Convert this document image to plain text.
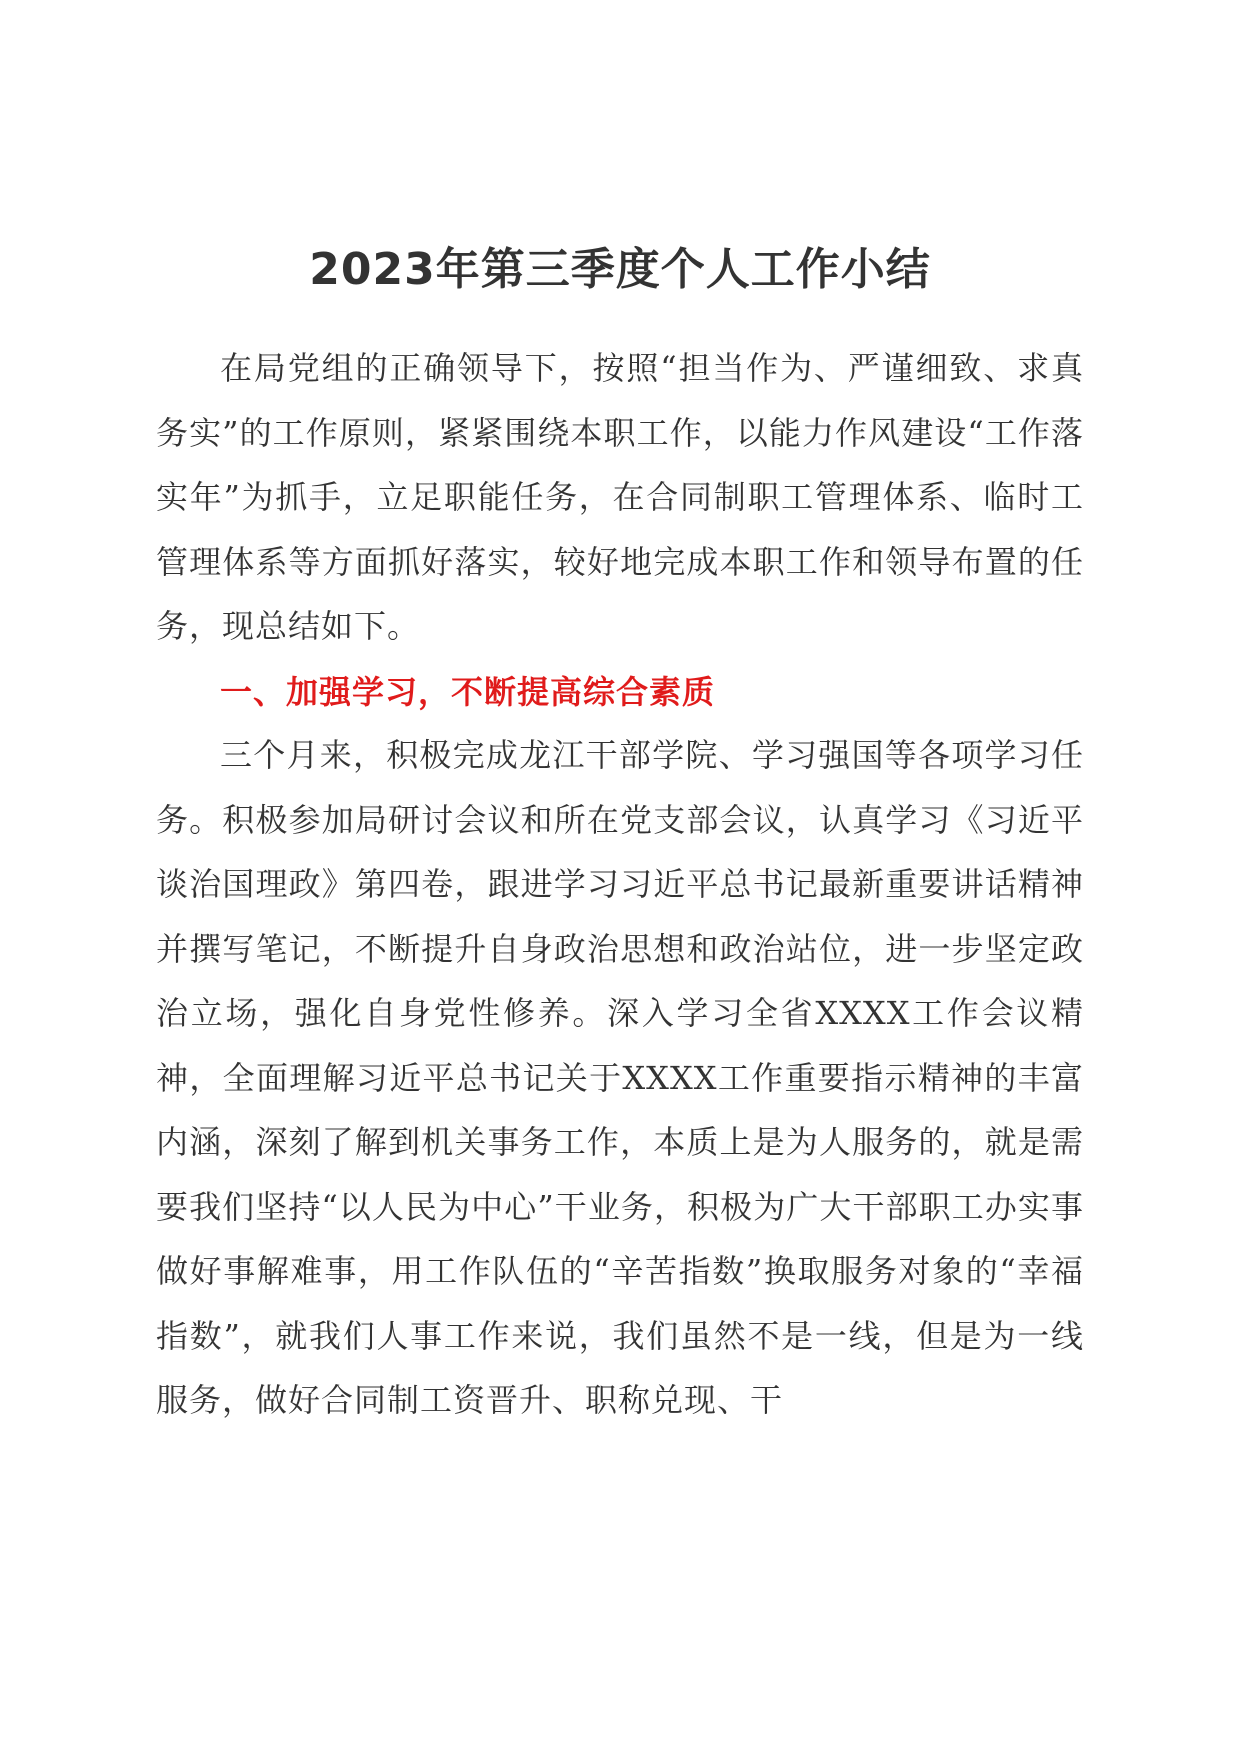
2023年第三季度个人工作小结

在局党组的正确领导下，按照“担当作为、严谨细致、求真务实”的工作原则，紧紧围绕本职工作，以能力作风建设“工作落实年”为抓手，立足职能任务，在合同制职工管理体系、临时工管理体系等方面抓好落实，较好地完成本职工作和领导布置的任务，现总结如下。

一、加强学习，不断提高综合素质

三个月来，积极完成龙江干部学院、学习强国等各项学习任务。积极参加局研讨会议和所在党支部会议，认真学习《习近平谈治国理政》第四卷，跟进学习习近平总书记最新重要讲话精神并撰写笔记，不断提升自身政治思想和政治站位，进一步坚定政治立场，强化自身党性修养。深入学习全省XXXX工作会议精神，全面理解习近平总书记关于XXXX工作重要指示精神的丰富内涵，深刻了解到机关事务工作，本质上是为人服务的，就是需要我们坚持“以人民为中心”干业务，积极为广大干部职工办实事做好事解难事，用工作队伍的“辛苦指数”换取服务对象的“幸福指数”，就我们人事工作来说，我们虽然不是一线，但是为一线服务，做好合同制工资晋升、职称兑现、干
